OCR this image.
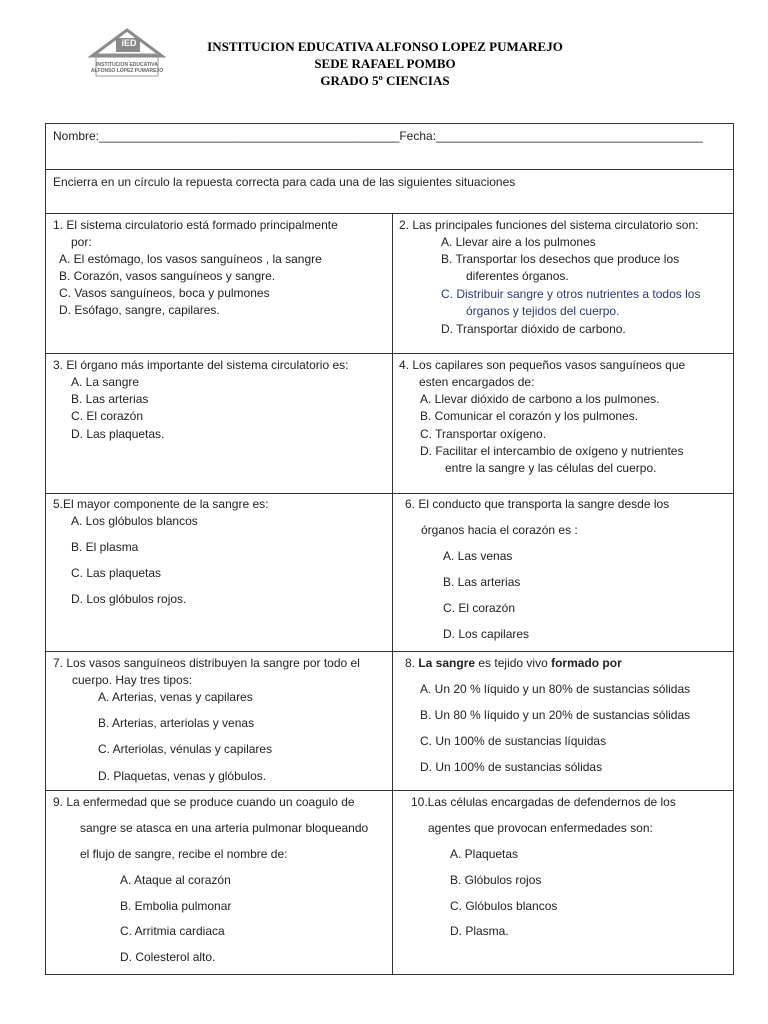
iED
INSTITUCION EDUCATIVA
ALFONSO LOPEZ PUMAREJO
INSTITUCION EDUCATIVA ALFONSO LOPEZ PUMAREJO
SEDE RAFAEL POMBO
GRADO 5º CIENCIAS
Nombre:_____________________________________________Fecha:________________________________________
Encierra en un círculo la repuesta correcta para cada una de las siguientes situaciones
1. El sistema circulatorio está formado principalmente
por:
A. El estómago, los vasos sanguíneos , la sangre
B. Corazón, vasos sanguíneos y sangre.
C. Vasos sanguíneos, boca y pulmones
D. Esófago, sangre, capilares.
2. Las principales funciones del sistema circulatorio son:
A. Llevar aire a los pulmones
B. Transportar los desechos que produce los
diferentes órganos.
C. Distribuir sangre y otros nutrientes a todos los
órganos y tejidos del cuerpo.
D. Transportar dióxido de carbono.
3. El órgano más importante del sistema circulatorio es:
A. La sangre
B. Las arterias
C. El corazón
D. Las plaquetas.
4. Los capilares son pequeños vasos sanguíneos que
esten encargados de:
A. Llevar dióxido de carbono a los pulmones.
B. Comunicar el corazón y los pulmones.
C. Transportar oxígeno.
D. Facilitar el intercambio de oxígeno y nutrientes
entre la sangre y las células del cuerpo.
5.El mayor componente de la sangre es:
A. Los glóbulos blancos
B. El plasma
C. Las plaquetas
D. Los glóbulos rojos.
6. El conducto que transporta la sangre desde los
órganos hacia el corazón es :
A. Las venas
B. Las arterias
C. El corazón
D. Los capilares
7. Los vasos sanguíneos distribuyen la sangre por todo el
cuerpo. Hay tres tipos:
A. Arterias, venas y capilares
B. Arterias, arteriolas y venas
C. Arteriolas, vénulas y capilares
D. Plaquetas, venas y glóbulos.
8. La sangre es tejido vivo formado por
A. Un 20 % líquido y un 80% de sustancias sólidas
B. Un 80 % líquido y un 20% de sustancias sólidas
C. Un 100% de sustancias líquidas
D. Un 100% de sustancias sólidas
9. La enfermedad que se produce cuando un coagulo de
sangre se atasca en una arteria pulmonar bloqueando
el flujo de sangre, recibe el nombre de:
A. Ataque al corazón
B. Embolia pulmonar
C. Arritmia cardiaca
D. Colesterol alto.
10.Las células encargadas de defendernos de los
agentes que provocan enfermedades son:
A. Plaquetas
B. Glóbulos rojos
C. Glóbulos blancos
D. Plasma.
